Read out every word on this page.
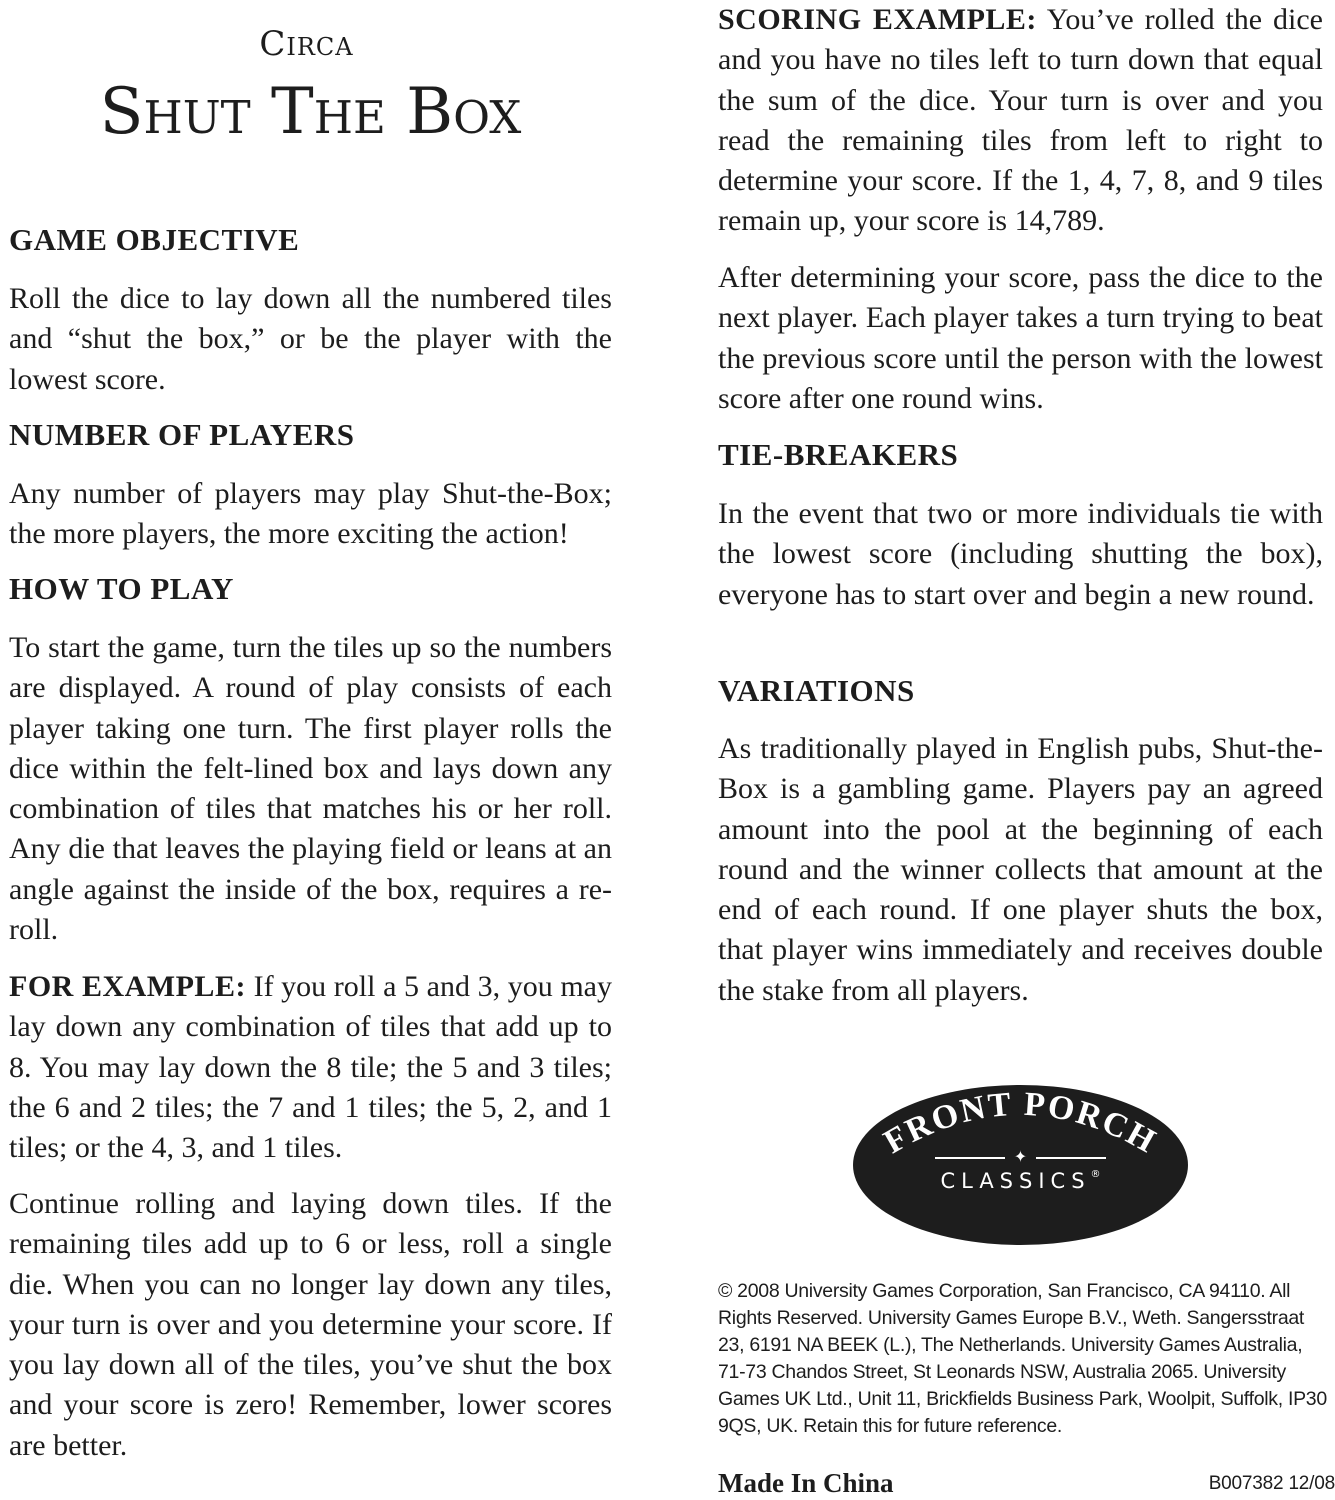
Circa
Shut The Box
GAME OBJECTIVE
Roll the dice to lay down all the numbered tiles and “shut the box,” or be the player with the lowest score.
NUMBER OF PLAYERS
Any number of players may play Shut-the-Box; the more players, the more exciting the action!
HOW TO PLAY
To start the game, turn the tiles up so the numbers are displayed. A round of play consists of each player taking one turn. The first player rolls the dice within the felt-lined box and lays down any combination of tiles that matches his or her roll. Any die that leaves the playing field or leans at an angle against the inside of the box, requires a re-roll.
FOR EXAMPLE: If you roll a 5 and 3, you may lay down any combination of tiles that add up to 8. You may lay down the 8 tile; the 5 and 3 tiles; the 6 and 2 tiles; the 7 and 1 tiles; the 5, 2, and 1 tiles; or the 4, 3, and 1 tiles.
Continue rolling and laying down tiles. If the remaining tiles add up to 6 or less, roll a single die. When you can no longer lay down any tiles, your turn is over and you determine your score. If you lay down all of the tiles, you’ve shut the box and your score is zero! Remember, lower scores are better.
SCORING EXAMPLE: You’ve rolled the dice and you have no tiles left to turn down that equal the sum of the dice. Your turn is over and you read the remaining tiles from left to right to determine your score. If the 1, 4, 7, 8, and 9 tiles remain up, your score is 14,789.
After determining your score, pass the dice to the next player. Each player takes a turn trying to beat the previous score until the person with the lowest score after one round wins.
TIE-BREAKERS
In the event that two or more individuals tie with the lowest score (including shutting the box), everyone has to start over and begin a new round.
VARIATIONS
As traditionally played in English pubs, Shut-the-Box is a gambling game. Players pay an agreed amount into the pool at the beginning of each round and the winner collects that amount at the end of each round. If one player shuts the box, that player wins immediately and receives double the stake from all players.
FRONT PORCH
✦
CLASSICS®
© 2008 University Games Corporation, San Francisco, CA 94110. All Rights Reserved. University Games Europe B.V., Weth. Sangersstraat 23, 6191 NA BEEK (L.), The Netherlands. University Games Australia, 71-73 Chandos Street, St Leonards NSW, Australia 2065. University Games UK Ltd., Unit 11, Brickfields Business Park, Woolpit, Suffolk, IP30 9QS, UK. Retain this for future reference.
Made In China	B007382 12/08
